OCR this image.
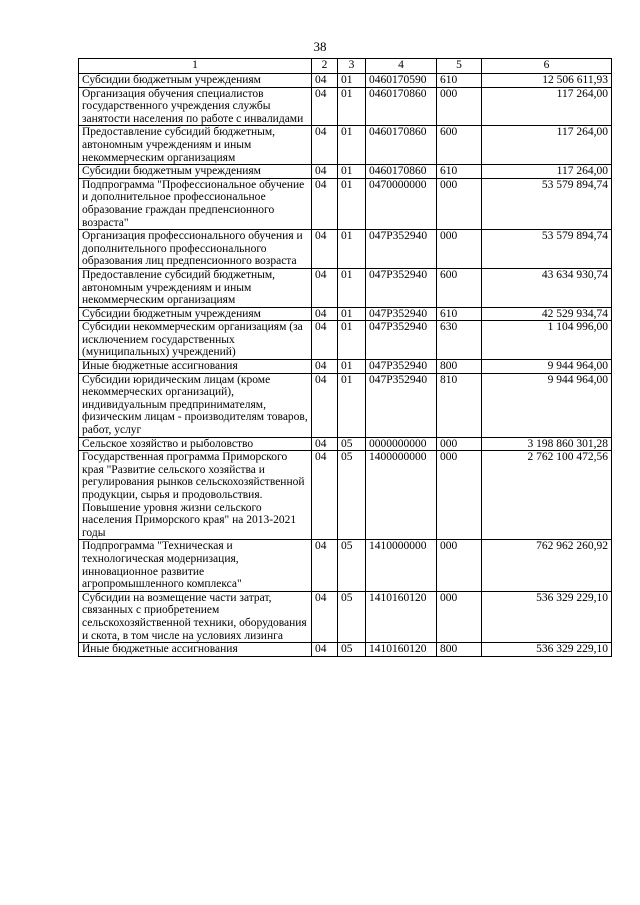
38
1	2	3	4	5	6
Субсидии бюджетным учреждениям	04	01	0460170590	610	12 506 611,93
Организация обучения специалистов государственного учреждения службы занятости населения по работе с инвалидами	04	01	0460170860	000	117 264,00
Предоставление субсидий бюджетным, автономным учреждениям и иным некоммерческим организациям	04	01	0460170860	600	117 264,00
Субсидии бюджетным учреждениям	04	01	0460170860	610	117 264,00
Подпрограмма "Профессиональное обучение и дополнительное профессиональное образование граждан предпенсионного возраста"	04	01	0470000000	000	53 579 894,74
Организация профессионального обучения и дополнительного профессионального образования лиц предпенсионного возраста	04	01	047P352940	000	53 579 894,74
Предоставление субсидий бюджетным, автономным учреждениям и иным некоммерческим организациям	04	01	047P352940	600	43 634 930,74
Субсидии бюджетным учреждениям	04	01	047P352940	610	42 529 934,74
Субсидии некоммерческим организациям (за исключением государственных (муниципальных) учреждений)	04	01	047P352940	630	1 104 996,00
Иные бюджетные ассигнования	04	01	047P352940	800	9 944 964,00
Субсидии юридическим лицам (кроме некоммерческих организаций), индивидуальным предпринимателям, физическим лицам - производителям товаров, работ, услуг	04	01	047P352940	810	9 944 964,00
Сельское хозяйство и рыболовство	04	05	0000000000	000	3 198 860 301,28
Государственная программа Приморского края "Развитие сельского хозяйства и регулирования рынков сельскохозяйственной продукции, сырья и продовольствия. Повышение уровня жизни сельского населения Приморского края" на 2013-2021 годы	04	05	1400000000	000	2 762 100 472,56
Подпрограмма "Техническая и технологическая модернизация, инновационное развитие агропромышленного комплекса"	04	05	1410000000	000	762 962 260,92
Субсидии на возмещение части затрат, связанных с приобретением сельскохозяйственной техники, оборудования и скота, в том числе на условиях лизинга	04	05	1410160120	000	536 329 229,10
Иные бюджетные ассигнования	04	05	1410160120	800	536 329 229,10
